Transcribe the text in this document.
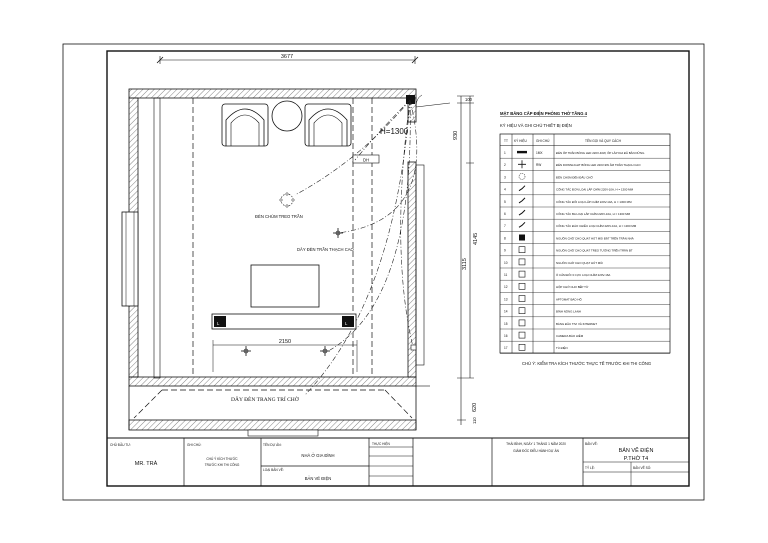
3677
H=1300
DH
ĐÈN CHÙM TREO TRẦN
DÂY ĐÈN TRẦN THẠCH CAO
L	L
2150
DÂY ĐÈN TRANG TRÍ CHỜ
100
930
3115
4145
620
110
MẶT BẰNG CẤP ĐIỆN PHÒNG THỜ TẦNG 4
KÝ HIỆU VÀ GHI CHÚ THIẾT BỊ ĐIỆN
TT KÝ HIỆU	GHI CHÚ	TÊN GỌI VÀ QUY CÁCH
1	1MX	ĐÈN ỐP TRẦN BÓNG LED 220V-40W, ỐP LẮP KHI ĐÃ BẮN DỮNG
2	RW	ĐÈN DOWNLIGHT BÓNG LED 220V-9W ÂM TRẦN THẠCH CAO
3	ĐÈN CHÙM ĐÈN ĐÂU CHỜ
4	CÔNG TẮC ĐƠN LOẠI LẮP CHÌM 220V-10A, H = 1300 MM
5	CÔNG TẮC ĐÔI LOẠI LẮP CHÌM 220V-10A, H = 1300 MM
6	CÔNG TẮC BA LOẠI LẮP CHÌM 220V-10A, H = 1300 MM
7	CÔNG TẮC ĐẢO CHIỀU LOẠI CHÌM 220V-10A, H = 1300 MM
8	NGUỒN CHỜ CHO QUẠT HÚT MÙI ĐẶT TRÊN TRẦN NHÀ
9	NGUỒN CHỜ CHO QUẠT TREO TƯỜNG TRÊN TRẦN BT
10	NGUỒN CHỜ CHO QUẠT HÚT MÙI
11	Ổ CẮM ĐÔI 3 CỰC LOẠI CHÌM 220V-16A
12	HỘP CHỜ CHO BẾP TỪ
13	APTOMAT BẢO HỘ
14	BÌNH NÓNG LẠNH
15	BẢNG ĐẦU TIVI VÀ INTERNET
16	CAMERA BẢO HIỂM
17	TỦ ĐIỆN
CHÚ Ý: KIỂM TRA KÍCH THƯỚC THỰC TẾ TRƯỚC KHI THI CÔNG
CHỦ ĐẦU TƯ:
MR. TRÀ
GHI CHÚ:
CHÚ Ý KÍCH THƯỚC
TRƯỚC KHI THI CÔNG
TÊN DỰ ÁN:
NHÀ Ở GIA ĐÌNH
LOẠI BẢN VẼ:
BẢN VẼ ĐIỆN
THỰC HIỆN	THÁI BÌNH, NGÀY 1 THÁNG 1 NĂM 2020
GIÁM ĐỐC ĐIỀU HÀNH DỰ ÁN
BẢN VẼ:
BẢN VẼ ĐIỆN
P.THỜ T4
TỶ LỆ:	BẢN VẼ SỐ:
